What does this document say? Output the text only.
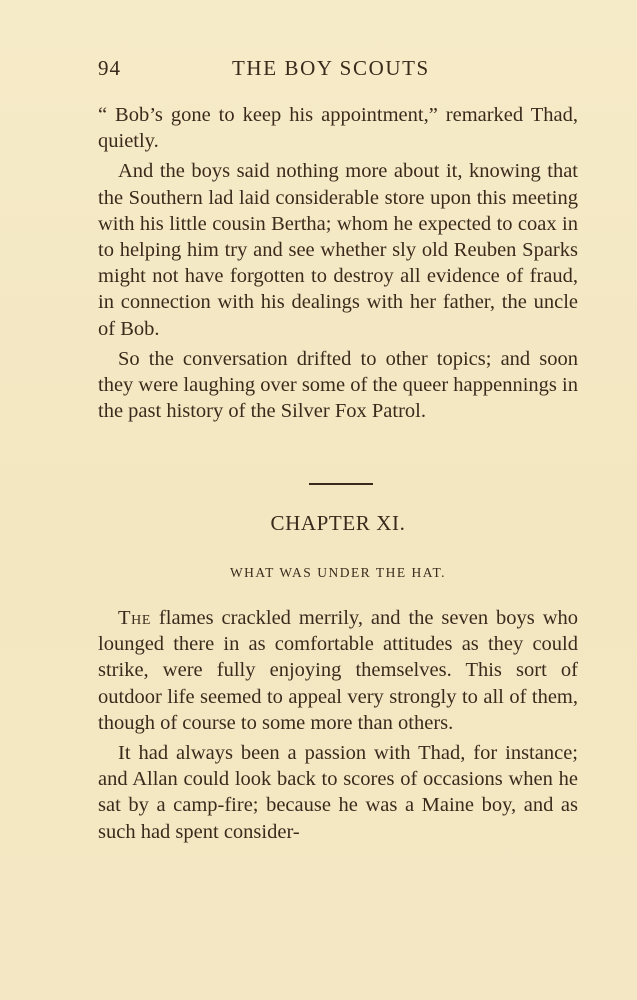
94	THE BOY SCOUTS

“ Bob’s gone to keep his appointment,” remarked Thad, quietly.

And the boys said nothing more about it, knowing that the Southern lad laid considerable store upon this meeting with his little cousin Bertha; whom he expected to coax in to helping him try and see whether sly old Reuben Sparks might not have forgotten to destroy all evidence of fraud, in connection with his dealings with her father, the uncle of Bob.

So the conversation drifted to other topics; and soon they were laughing over some of the queer happennings in the past history of the Silver Fox Patrol.

CHAPTER XI.
WHAT WAS UNDER THE HAT.

The flames crackled merrily, and the seven boys who lounged there in as comfortable attitudes as they could strike, were fully enjoying themselves. This sort of outdoor life seemed to appeal very strongly to all of them, though of course to some more than others.

It had always been a passion with Thad, for instance; and Allan could look back to scores of occasions when he sat by a camp-fire; because he was a Maine boy, and as such had spent consider-
